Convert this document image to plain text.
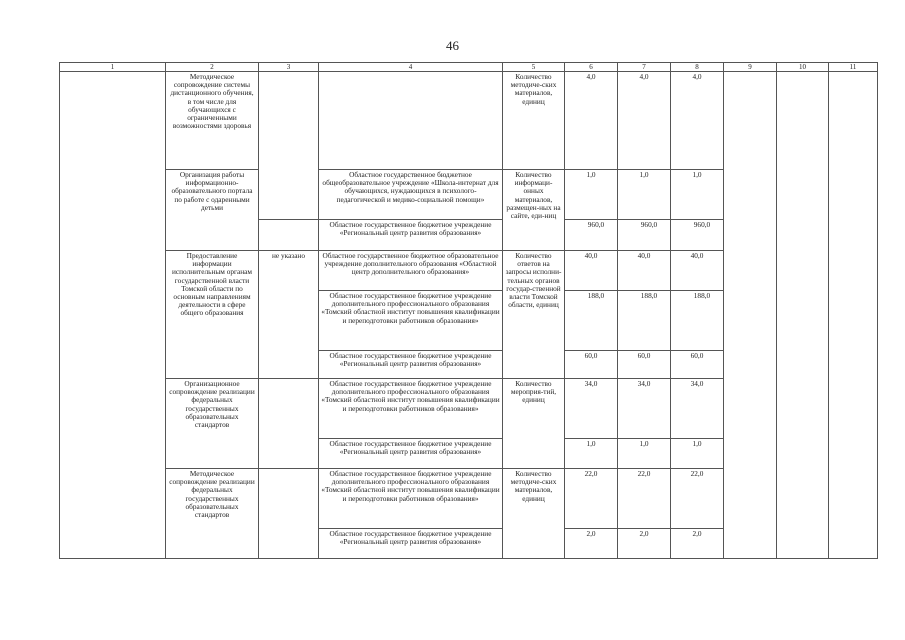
46
1	2	3	4	5	6	7	8	9	10	11
	Методическое сопровождение системы дистанционного обучения, в том числе для обучающихся с ограниченными возможностями здоровья			Количество методиче-ских материалов, единиц	4,0	4,0	4,0			
	Организация работы информационно-образовательного портала по работе с одаренными детьми		Областное государственное бюджетное общеобразовательное учреждение «Школа-интернат для обучающихся, нуждающихся в психолого-педагогической и медико-социальной помощи»	Количество информаци-онных материалов, размещен-ных на сайте, еди-ниц	1,0	1,0	1,0			
			Областное государственное бюджетное учреждение «Региональный центр развития образования»		960,0	960,0	960,0			
	Предоставление информации исполнительным органам государственной власти Томской области по основным направлениям деятельности в сфере общего образования	не указано	Областное государственное бюджетное образовательное учреждение дополнительного образования «Областной центр дополнительного образования»	Количество ответов на запросы исполни-тельных органов государ-ственной власти Томской области, единиц	40,0	40,0	40,0			
			Областное государственное бюджетное учреждение дополнительного профессионального образования «Томский областной институт повышения квалификации и переподготовки работников образования»		188,0	188,0	188,0			
			Областное государственное бюджетное учреждение «Региональный центр развития образования»		60,0	60,0	60,0			
	Организационное сопровождение реализации федеральных государственных образовательных стандартов		Областное государственное бюджетное учреждение дополнительного профессионального образования «Томский областной институт повышения квалификации и переподготовки работников образования»	Количество мероприя-тий, единиц	34,0	34,0	34,0			
			Областное государственное бюджетное учреждение «Региональный центр развития образования»		1,0	1,0	1,0			
	Методическое сопровождение реализации федеральных государственных образовательных стандартов		Областное государственное бюджетное учреждение дополнительного профессионального образования «Томский областной институт повышения квалификации и переподготовки работников образования»	Количество методиче-ских материалов, единиц	22,0	22,0	22,0			
			Областное государственное бюджетное учреждение «Региональный центр развития образования»		2,0	2,0	2,0			
